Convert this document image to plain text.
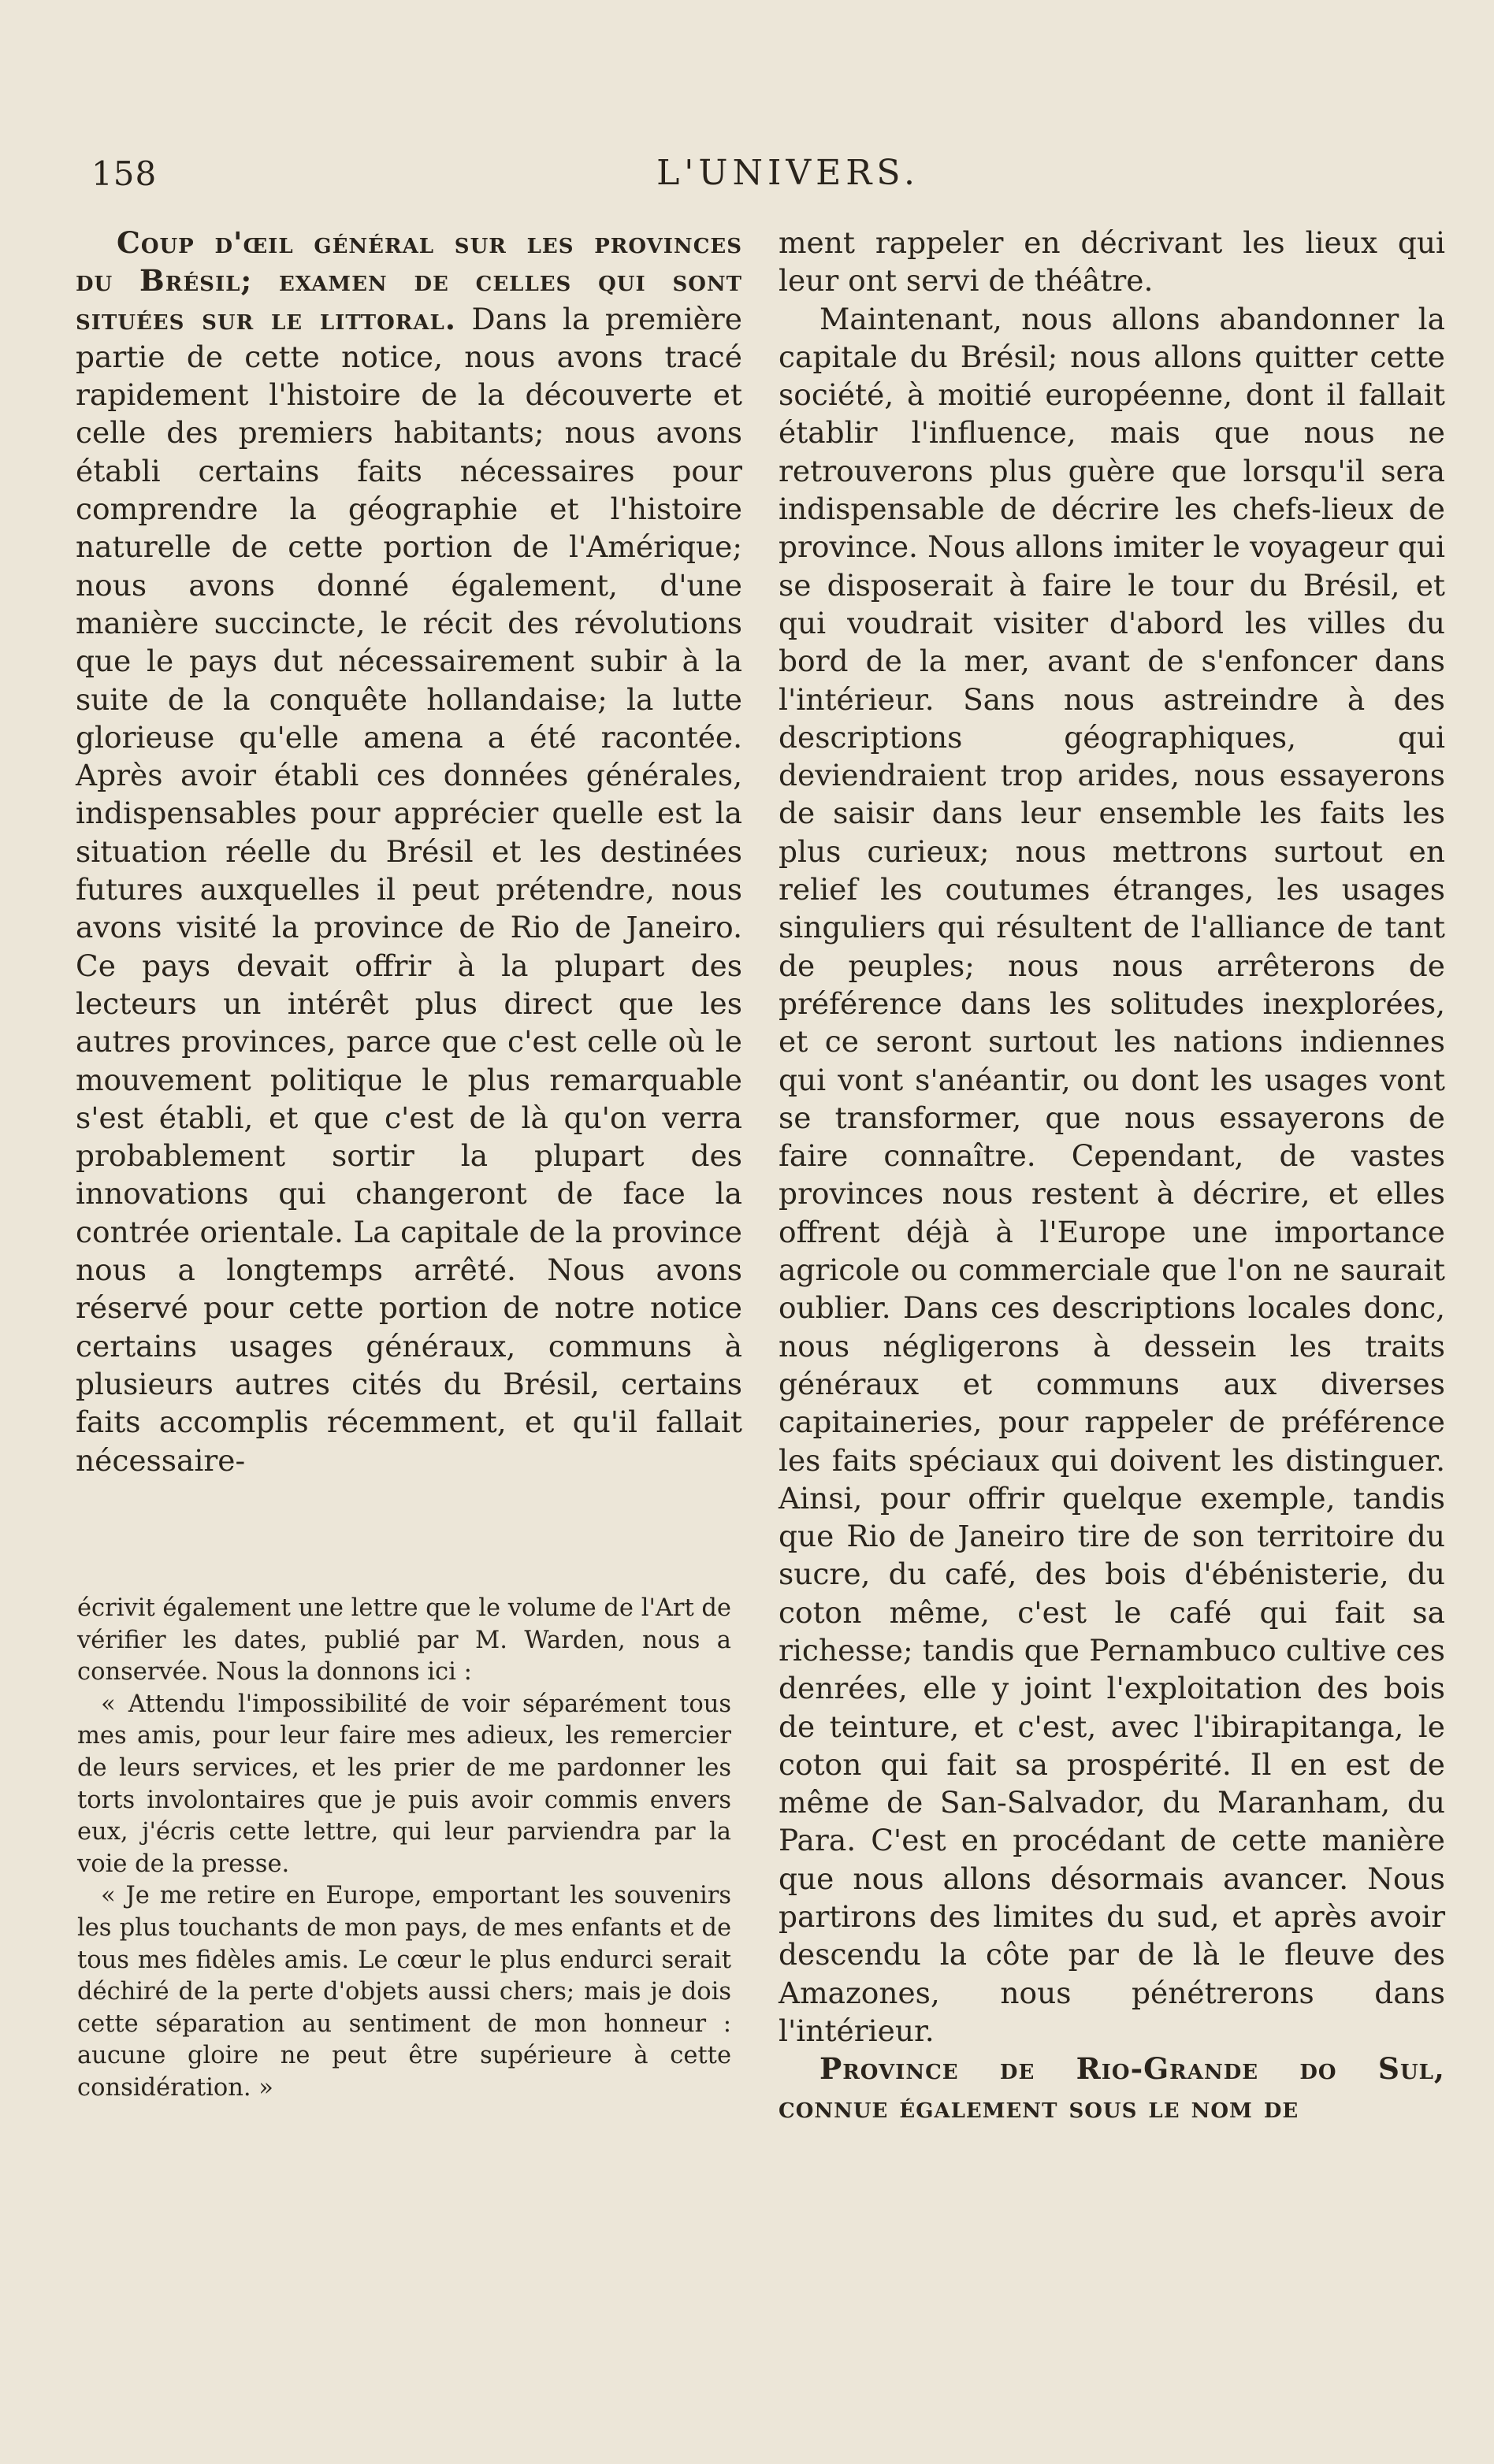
158	L'UNIVERS.

Coup d'œil général sur les provinces du Brésil; examen de celles qui sont situées sur le littoral. Dans la première partie de cette notice, nous avons tracé rapidement l'histoire de la découverte et celle des premiers habitants; nous avons établi certains faits nécessaires pour comprendre la géographie et l'histoire naturelle de cette portion de l'Amérique; nous avons donné également, d'une manière succincte, le récit des révolutions que le pays dut nécessairement subir à la suite de la conquête hollandaise; la lutte glorieuse qu'elle amena a été racontée. Après avoir établi ces données générales, indispensables pour apprécier quelle est la situation réelle du Brésil et les destinées futures auxquelles il peut prétendre, nous avons visité la province de Rio de Janeiro. Ce pays devait offrir à la plupart des lecteurs un intérêt plus direct que les autres provinces, parce que c'est celle où le mouvement politique le plus remarquable s'est établi, et que c'est de là qu'on verra probablement sortir la plupart des innovations qui changeront de face la contrée orientale. La capitale de la province nous a longtemps arrêté. Nous avons réservé pour cette portion de notre notice certains usages généraux, communs à plusieurs autres cités du Brésil, certains faits accomplis récemment, et qu'il fallait nécessaire-

écrivit également une lettre que le volume de l'Art de vérifier les dates, publié par M. Warden, nous a conservée. Nous la donnons ici :

« Attendu l'impossibilité de voir séparément tous mes amis, pour leur faire mes adieux, les remercier de leurs services, et les prier de me pardonner les torts involontaires que je puis avoir commis envers eux, j'écris cette lettre, qui leur parviendra par la voie de la presse.

« Je me retire en Europe, emportant les souvenirs les plus touchants de mon pays, de mes enfants et de tous mes fidèles amis. Le cœur le plus endurci serait déchiré de la perte d'objets aussi chers; mais je dois cette séparation au sentiment de mon honneur : aucune gloire ne peut être supérieure à cette considération. »

ment rappeler en décrivant les lieux qui leur ont servi de théâtre.

Maintenant, nous allons abandonner la capitale du Brésil; nous allons quitter cette société, à moitié européenne, dont il fallait établir l'influence, mais que nous ne retrouverons plus guère que lorsqu'il sera indispensable de décrire les chefs-lieux de province. Nous allons imiter le voyageur qui se disposerait à faire le tour du Brésil, et qui voudrait visiter d'abord les villes du bord de la mer, avant de s'enfoncer dans l'intérieur. Sans nous astreindre à des descriptions géographiques, qui deviendraient trop arides, nous essayerons de saisir dans leur ensemble les faits les plus curieux; nous mettrons surtout en relief les coutumes étranges, les usages singuliers qui résultent de l'alliance de tant de peuples; nous nous arrêterons de préférence dans les solitudes inexplorées, et ce seront surtout les nations indiennes qui vont s'anéantir, ou dont les usages vont se transformer, que nous essayerons de faire connaître. Cependant, de vastes provinces nous restent à décrire, et elles offrent déjà à l'Europe une importance agricole ou commerciale que l'on ne saurait oublier. Dans ces descriptions locales donc, nous négligerons à dessein les traits généraux et communs aux diverses capitaineries, pour rappeler de préférence les faits spéciaux qui doivent les distinguer. Ainsi, pour offrir quelque exemple, tandis que Rio de Janeiro tire de son territoire du sucre, du café, des bois d'ébénisterie, du coton même, c'est le café qui fait sa richesse; tandis que Pernambuco cultive ces denrées, elle y joint l'exploitation des bois de teinture, et c'est, avec l'ibirapitanga, le coton qui fait sa prospérité. Il en est de même de San-Salvador, du Maranham, du Para. C'est en procédant de cette manière que nous allons désormais avancer. Nous partirons des limites du sud, et après avoir descendu la côte par de là le fleuve des Amazones, nous pénétrerons dans l'intérieur.

Province de Rio-Grande do Sul, connue également sous le nom de
